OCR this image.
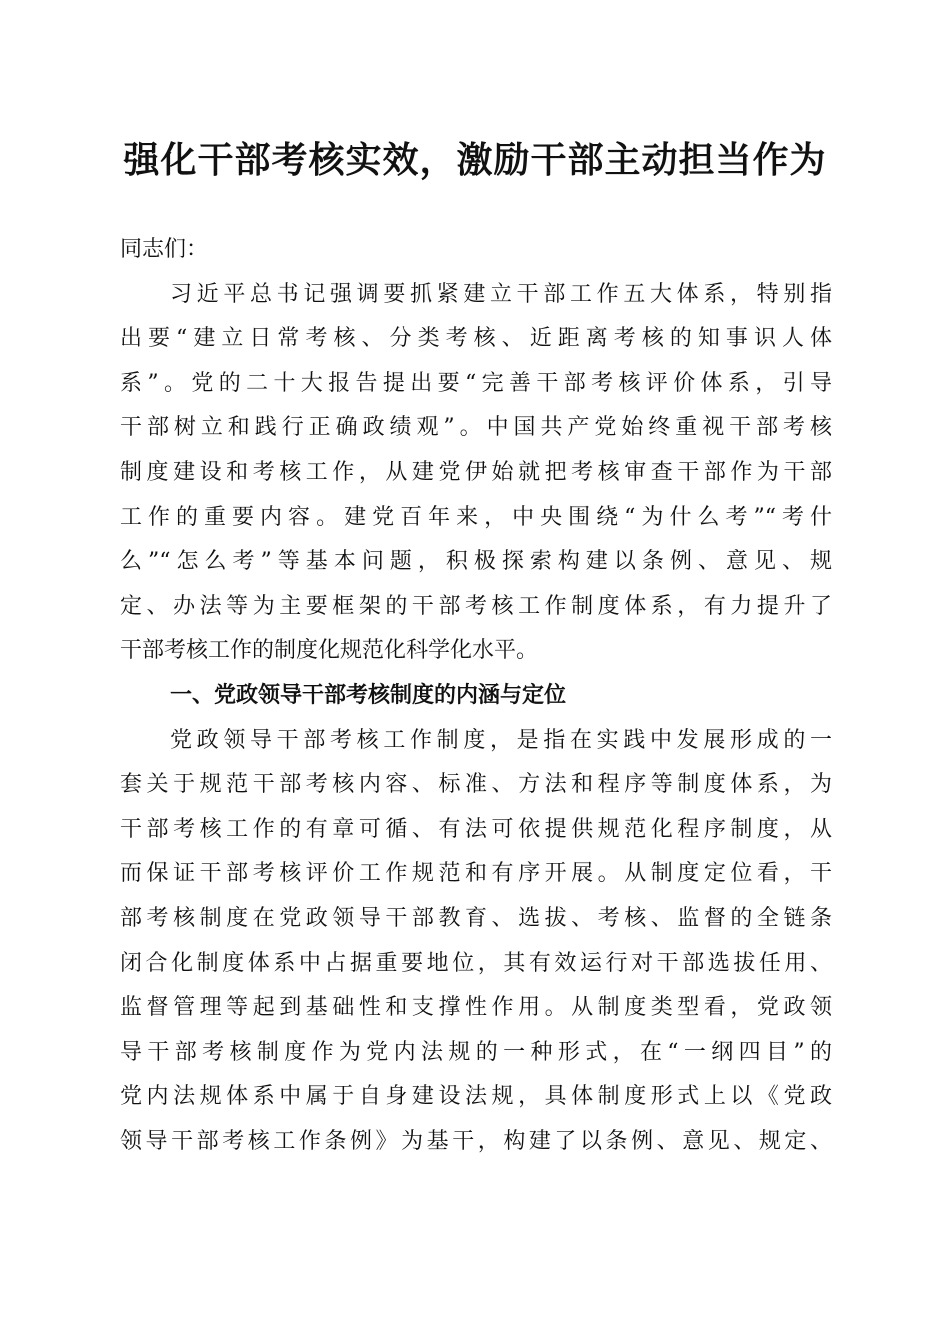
强化干部考核实效，激励干部主动担当作为

同志们：

习近平总书记强调要抓紧建立干部工作五大体系，特别指
出要“建立日常考核、分类考核、近距离考核的知事识人体
系”。党的二十大报告提出要“完善干部考核评价体系，引导
干部树立和践行正确政绩观”。中国共产党始终重视干部考核
制度建设和考核工作，从建党伊始就把考核审查干部作为干部
工作的重要内容。建党百年来，中央围绕“为什么考”“考什
么”“怎么考”等基本问题，积极探索构建以条例、意见、规
定、办法等为主要框架的干部考核工作制度体系，有力提升了
干部考核工作的制度化规范化科学化水平。
一、党政领导干部考核制度的内涵与定位
党政领导干部考核工作制度，是指在实践中发展形成的一
套关于规范干部考核内容、标准、方法和程序等制度体系，为
干部考核工作的有章可循、有法可依提供规范化程序制度，从
而保证干部考核评价工作规范和有序开展。从制度定位看，干
部考核制度在党政领导干部教育、选拔、考核、监督的全链条
闭合化制度体系中占据重要地位，其有效运行对干部选拔任用、
监督管理等起到基础性和支撑性作用。从制度类型看，党政领
导干部考核制度作为党内法规的一种形式，在“一纲四目”的
党内法规体系中属于自身建设法规，具体制度形式上以《党政
领导干部考核工作条例》为基干，构建了以条例、意见、规定、
